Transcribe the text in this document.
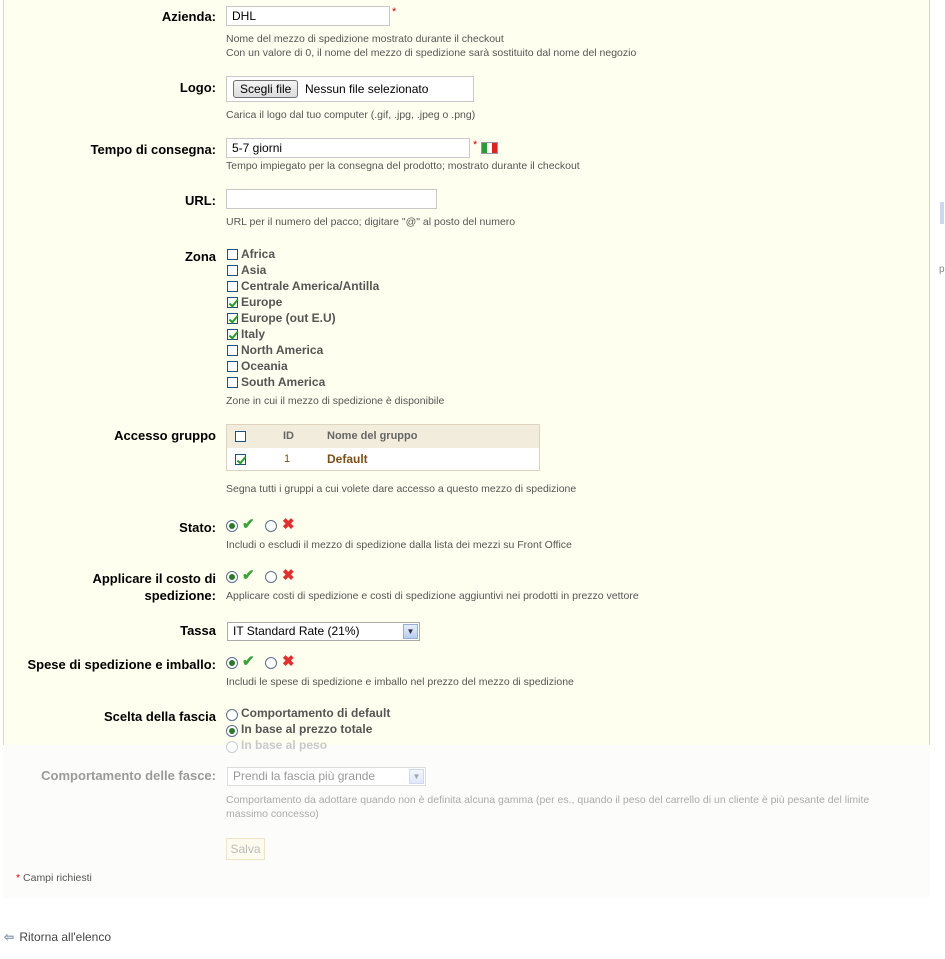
Azienda:
DHL	*
Nome del mezzo di spedizione mostrato durante il checkout
Con un valore di 0, il nome del mezzo di spedizione sarà sostituito dal nome del negozio
Logo:	Scegli file	Nessun file selezionato
Carica il logo dal tuo computer (.gif, .jpg, .jpeg o .png)
Tempo di consegna:
5-7 giorni	*
Tempo impiegato per la consegna del prodotto; mostrato durante il checkout
URL:
URL per il numero del pacco; digitare "@" al posto del numero
Zona Africa
Asia
Centrale America/Antilla
Europe
Europe (out E.U)
Italy
North America
Oceania
South America
Zone in cui il mezzo di spedizione è disponibile
Accesso gruppo	ID	Nome del gruppo
1	Default
Segna tutti i gruppi a cui volete dare accesso a questo mezzo di spedizione
Stato: ✔ ✖
Includi o escludi il mezzo di spedizione dalla lista dei mezzi su Front Office
Applicare il costo di
spedizione:
✔ ✖
Applicare costi di spedizione e costi di spedizione aggiuntivi nei prodotti in prezzo vettore
Tassa	IT Standard Rate (21%)	▼
Spese di spedizione e imballo: ✔ ✖
Includi le spese di spedizione e imballo nel prezzo del mezzo di spedizione
Scelta della fascia Comportamento di default
In base al prezzo totale
In base al peso
Comportamento delle fasce:	Prendi la fascia più grande	▼
Comportamento da adottare quando non è definita alcuna gamma (per es., quando il peso del carrello di un cliente è più pesante del limite
massimo concesso)
Salva
* Campi richiesti
⇦ Ritorna all'elenco
p
